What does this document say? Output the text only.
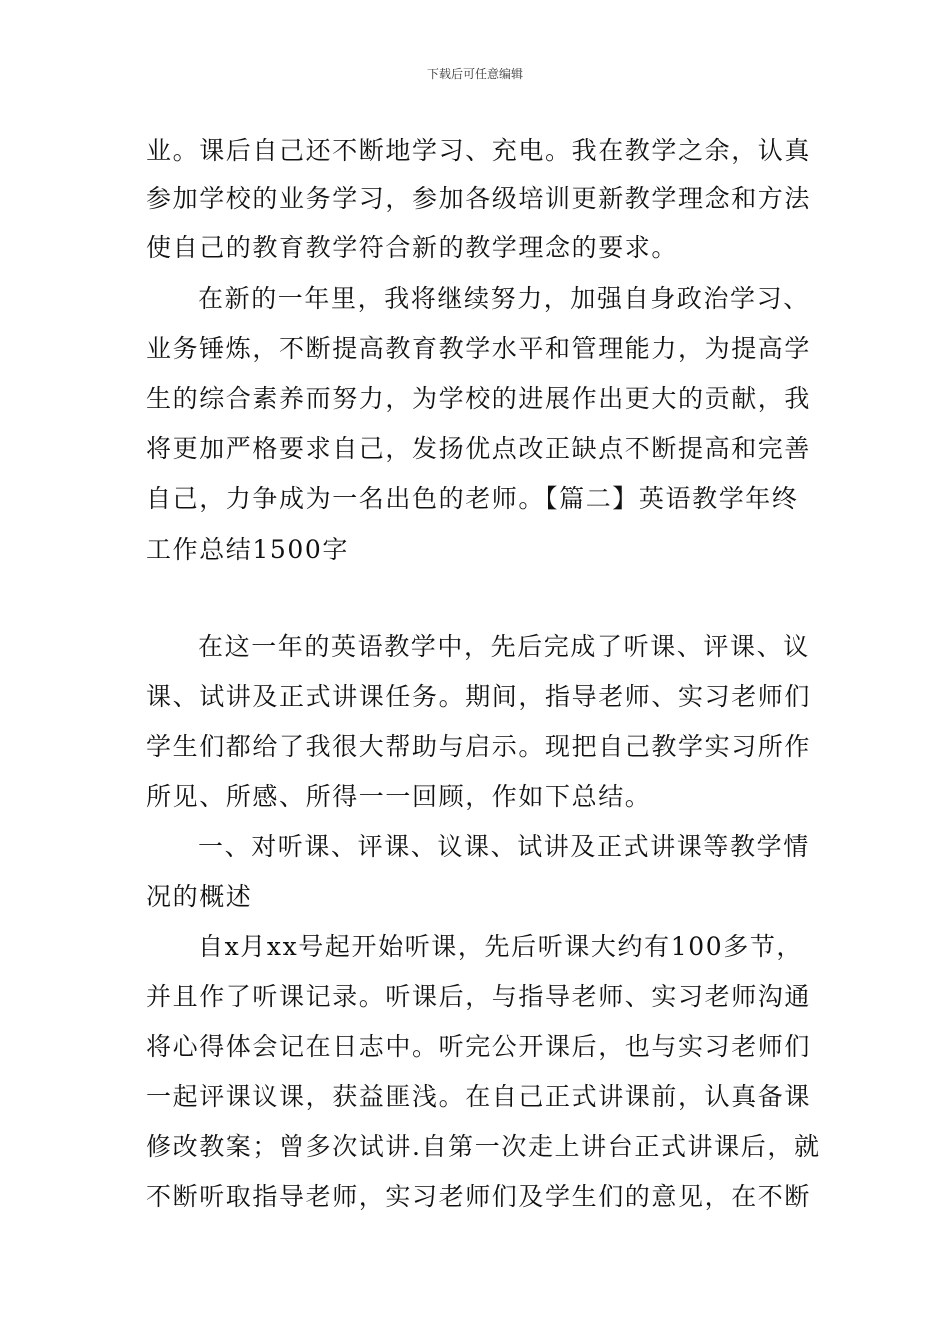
下载后可任意编辑
业。课后自己还不断地学习、充电。我在教学之余，认真
参加学校的业务学习，参加各级培训更新教学理念和方法
使自己的教育教学符合新的教学理念的要求。
在新的一年里，我将继续努力，加强自身政治学习、
业务锤炼，不断提高教育教学水平和管理能力，为提高学
生的综合素养而努力，为学校的进展作出更大的贡献，我
将更加严格要求自己，发扬优点改正缺点不断提高和完善
自己，力争成为一名出色的老师。【篇二】英语教学年终
工作总结1500字
在这一年的英语教学中，先后完成了听课、评课、议
课、试讲及正式讲课任务。期间，指导老师、实习老师们
学生们都给了我很大帮助与启示。现把自己教学实习所作
所见、所感、所得一一回顾，作如下总结。
一、对听课、评课、议课、试讲及正式讲课等教学情
况的概述
自x月xx号起开始听课，先后听课大约有100多节，
并且作了听课记录。听课后，与指导老师、实习老师沟通
将心得体会记在日志中。听完公开课后，也与实习老师们
一起评课议课，获益匪浅。在自己正式讲课前，认真备课
修改教案；曾多次试讲.自第一次走上讲台正式讲课后，就
不断听取指导老师，实习老师们及学生们的意见，在不断
